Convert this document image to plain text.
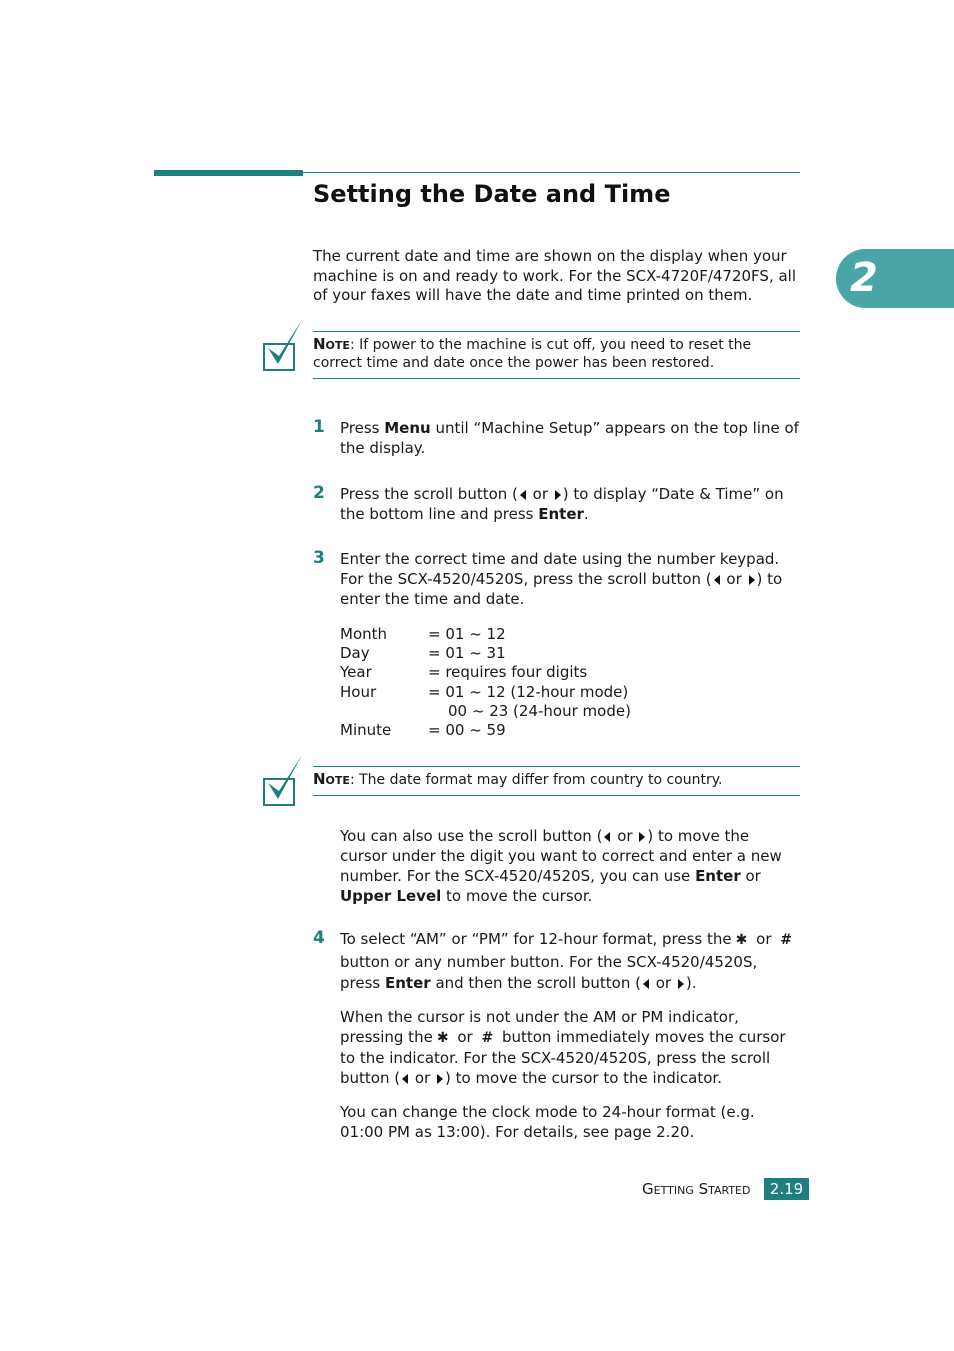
Setting the Date and Time
2
The current date and time are shown on the display when your machine is on and ready to work. For the SCX-4720F/4720FS, all of your faxes will have the date and time printed on them.
Note: If power to the machine is cut off, you need to reset the correct time and date once the power has been restored.
1 Press Menu until “Machine Setup” appears on the top line of the display.
2 Press the scroll button ( or ) to display “Date & Time” on the bottom line and press Enter.
3 Enter the correct time and date using the number keypad.
For the SCX-4520/4520S, press the scroll button ( or ) to enter the time and date.
Month	= 01 ~ 12
Day	= 01 ~ 31
Year	= requires four digits
Hour	= 01 ~ 12 (12-hour mode)
00 ~ 23 (24-hour mode)
Minute	= 00 ~ 59
Note: The date format may differ from country to country.
You can also use the scroll button ( or ) to move the cursor under the digit you want to correct and enter a new number. For the SCX-4520/4520S, you can use Enter or Upper Level to move the cursor.
4 To select “AM” or “PM” for 12-hour format, press the ✱ or # button or any number button. For the SCX-4520/4520S, press Enter and then the scroll button ( or ).
When the cursor is not under the AM or PM indicator, pressing the ✱ or # button immediately moves the cursor to the indicator. For the SCX-4520/4520S, press the scroll button ( or ) to move the cursor to the indicator.
You can change the clock mode to 24-hour format (e.g. 01:00 PM as 13:00). For details, see page 2.20.
Getting Started	2.19
